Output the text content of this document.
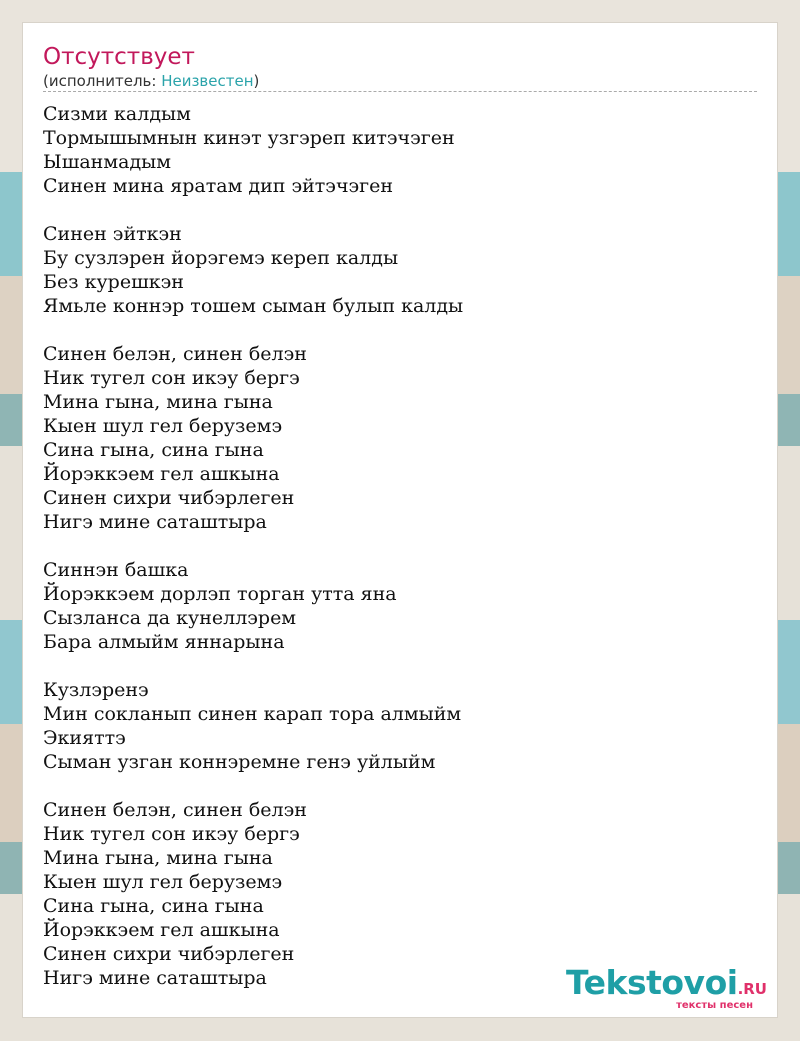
Отсутствует
(исполнитель: Неизвестен)
Сизми калдым
Тормышымнын кинэт узгэреп китэчэген
Ышанмадым
Синен мина яратам дип эйтэчэген
Синен эйткэн
Бу сузлэрен йорэгемэ кереп калды
Без курешкэн
Ямьле коннэр тошем сыман булып калды
Синен белэн, синен белэн
Ник тугел сон икэу бергэ
Мина гына, мина гына
Кыен шул гел беруземэ
Сина гына, сина гына
Йорэккэем гел ашкына
Синен сихри чибэрлеген
Нигэ мине саташтыра
Синнэн башка
Йорэккэем дорлэп торган утта яна
Сызланса да кунеллэрем
Бара алмыйм яннарына
Кузлэренэ
Мин сокланып синен карап тора алмыйм
Экияттэ
Сыман узган коннэремне генэ уйлыйм
Синен белэн, синен белэн
Ник тугел сон икэу бергэ
Мина гына, мина гына
Кыен шул гел беруземэ
Сина гына, сина гына
Йорэккэем гел ашкына
Синен сихри чибэрлеген
Нигэ мине саташтыра	Tekstovoi.RU
тексты песен
